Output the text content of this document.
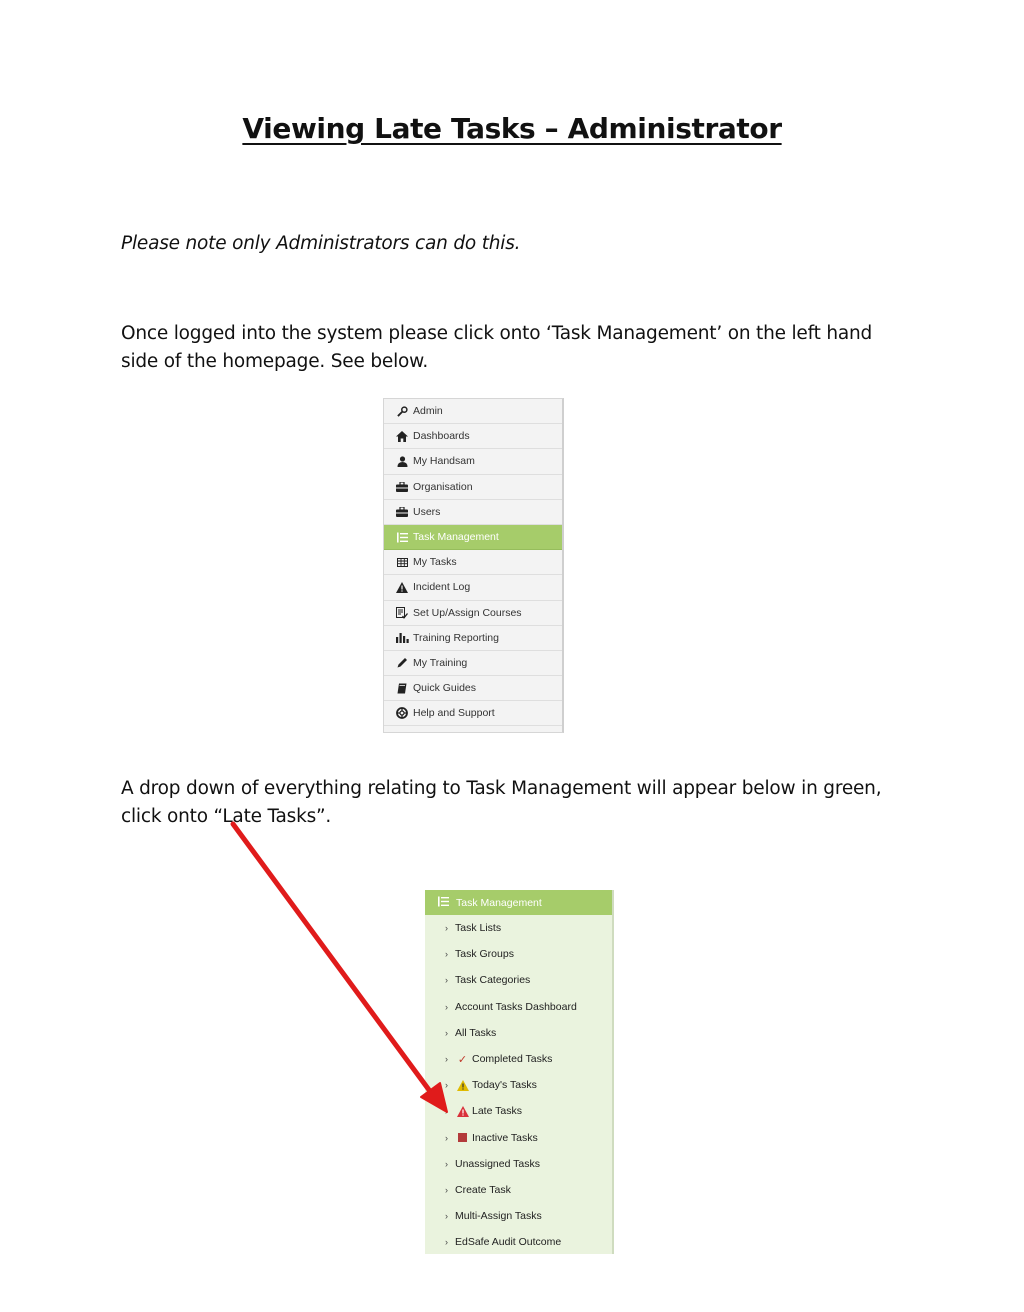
Viewing Late Tasks – Administrator
Please note only Administrators can do this.
Once logged into the system please click onto ‘Task Management’ on the left hand side of the homepage. See below.
Admin
Dashboards
My Handsam
Organisation
Users
Task Management
My Tasks
Incident Log
Set Up/Assign Courses
Training Reporting
My Training
Quick Guides
Help and Support
A drop down of everything relating to Task Management will appear below in green, click onto “Late Tasks”.
Task Management
› Task Lists
› Task Groups
› Task Categories
› Account Tasks Dashboard
› All Tasks
› ✓ Completed Tasks
›	Today's Tasks
Late Tasks
›	Inactive Tasks
› Unassigned Tasks
› Create Task
› Multi-Assign Tasks
› EdSafe Audit Outcome
